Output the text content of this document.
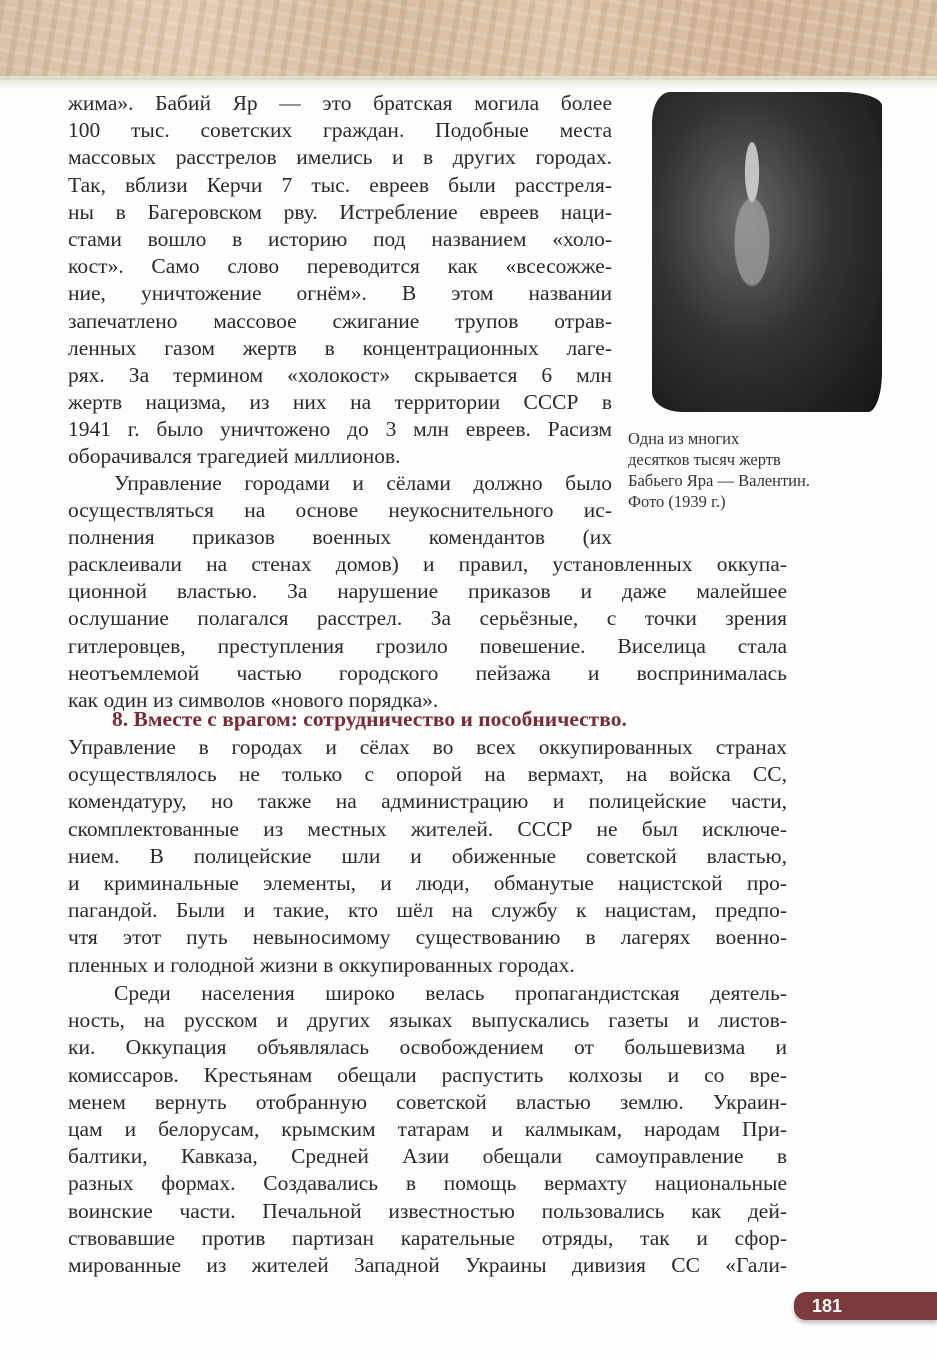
жима». Бабий Яр — это братская могила более
100 тыс. советских граждан. Подобные места
массовых расстрелов имелись и в других городах.
Так, вблизи Керчи 7 тыс. евреев были расстреля-
ны в Багеровском рву. Истребление евреев наци-
стами вошло в историю под названием «холо-
кост». Само слово переводится как «всесожже-
ние, уничтожение огнём». В этом названии
запечатлено массовое сжигание трупов отрав-
ленных газом жертв в концентрационных лаге-
рях. За термином «холокост» скрывается 6 млн
жертв нацизма, из них на территории СССР в
1941 г. было уничтожено до 3 млн евреев. Расизм
оборачивался трагедией миллионов.
Управление городами и сёлами должно было
осуществляться на основе неукоснительного ис-
полнения приказов военных комендантов (их
расклеивали на стенах домов) и правил, установленных оккупа-
ционной властью. За нарушение приказов и даже малейшее
ослушание полагался расстрел. За серьёзные, с точки зрения
гитлеровцев, преступления грозило повешение. Виселица стала
неотъемлемой частью городского пейзажа и воспринималась
как один из символов «нового порядка».
8. Вместе с врагом: сотрудничество и пособничество.
Управление в городах и сёлах во всех оккупированных странах
осуществлялось не только с опорой на вермахт, на войска СС,
комендатуру, но также на администрацию и полицейские части,
скомплектованные из местных жителей. СССР не был исключе-
нием. В полицейские шли и обиженные советской властью,
и криминальные элементы, и люди, обманутые нацистской про-
пагандой. Были и такие, кто шёл на службу к нацистам, предпо-
чтя этот путь невыносимому существованию в лагерях военно-
пленных и голодной жизни в оккупированных городах.
Среди населения широко велась пропагандистская деятель-
ность, на русском и других языках выпускались газеты и листов-
ки. Оккупация объявлялась освобождением от большевизма и
комиссаров. Крестьянам обещали распустить колхозы и со вре-
менем вернуть отобранную советской властью землю. Украин-
цам и белорусам, крымским татарам и калмыкам, народам При-
балтики, Кавказа, Средней Азии обещали самоуправление в
разных формах. Создавались в помощь вермахту национальные
воинские части. Печальной известностью пользовались как дей-
ствовавшие против партизан карательные отряды, так и сфор-
мированные из жителей Западной Украины дивизия СС «Гали-
Одна из многих
десятков тысяч жертв
Бабьего Яра — Валентин.
Фото (1939 г.)
181
